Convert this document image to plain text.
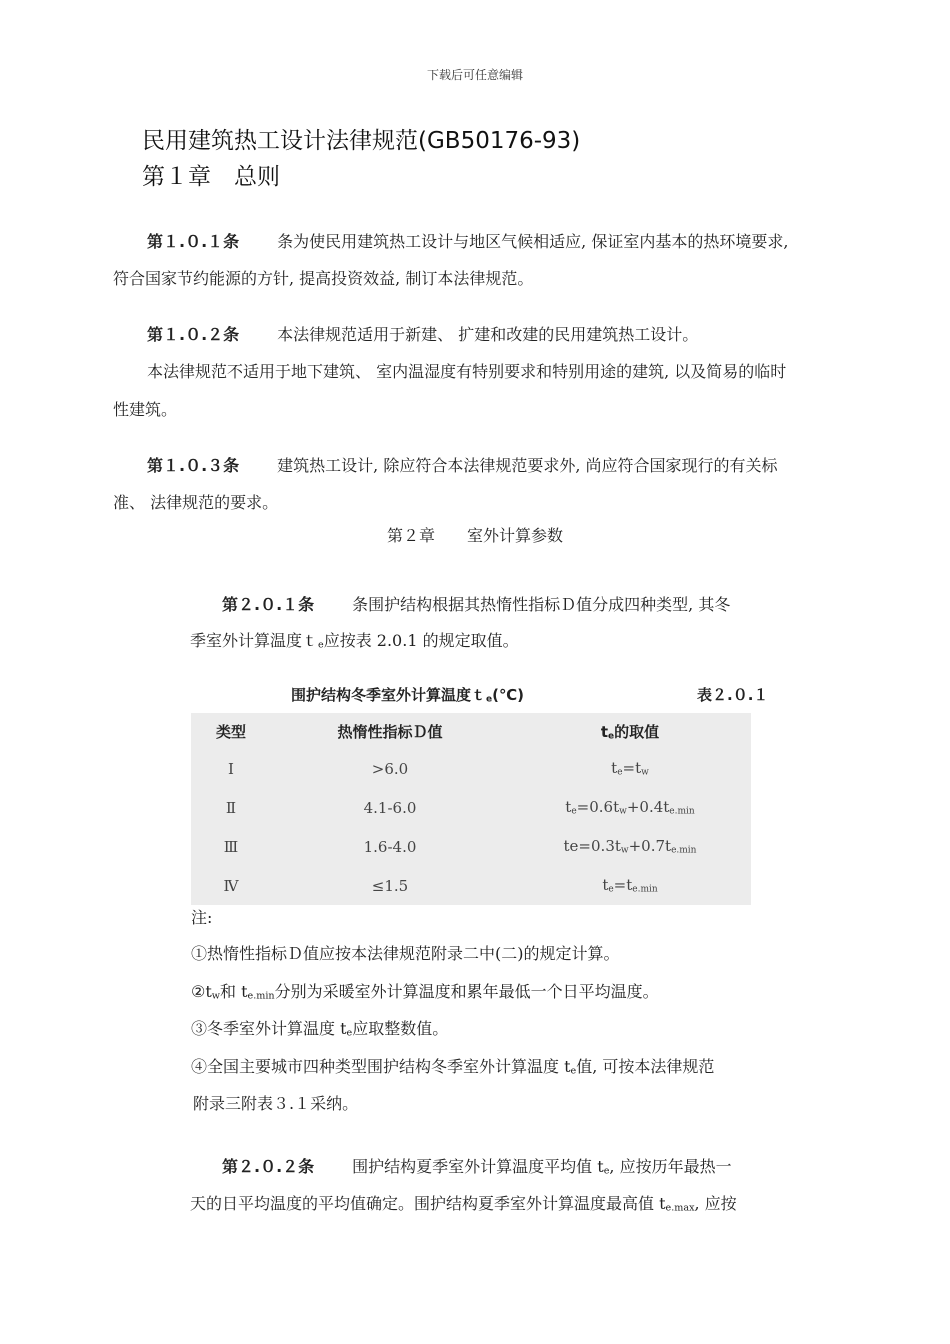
下载后可任意编辑
民用建筑热工设计法律规范(GB50176-93)
第１章　总则
第１.０.１条 条为使民用建筑热工设计与地区气候相适应, 保证室内基本的热环境要求,
符合国家节约能源的方针, 提高投资效益, 制订本法律规范。
第１.０.２条 本法律规范适用于新建、 扩建和改建的民用建筑热工设计。
本法律规范不适用于地下建筑、 室内温湿度有特别要求和特别用途的建筑, 以及简易的临时
性建筑。
第１.０.３条 建筑热工设计, 除应符合本法律规范要求外, 尚应符合国家现行的有关标
准、 法律规范的要求。
第２章　　室外计算参数
第２.０.１条 条围护结构根据其热惰性指标Ｄ值分成四种类型, 其冬
季室外计算温度ｔe应按表 2.0.1 的规定取值。
围护结构冬季室外计算温度ｔe(℃)	表２.０.１
类型	热惰性指标Ｄ值	te的取值
Ⅰ	>6.0	te=tw
Ⅱ	4.1-6.0	te=0.6tw+0.4te.min
Ⅲ	1.6-4.0	te=0.3tw+0.7te.min
Ⅳ	≤1.5	te=te.min
注:
①热惰性指标Ｄ值应按本法律规范附录二中(二)的规定计算。
②tw和 te.min分别为采暖室外计算温度和累年最低一个日平均温度。
③冬季室外计算温度 te应取整数值。
④全国主要城市四种类型围护结构冬季室外计算温度 te值, 可按本法律规范
附录三附表３.１采纳。
第２.０.２条 围护结构夏季室外计算温度平均值 te, 应按历年最热一
天的日平均温度的平均值确定。围护结构夏季室外计算温度最高值 te.max, 应按
